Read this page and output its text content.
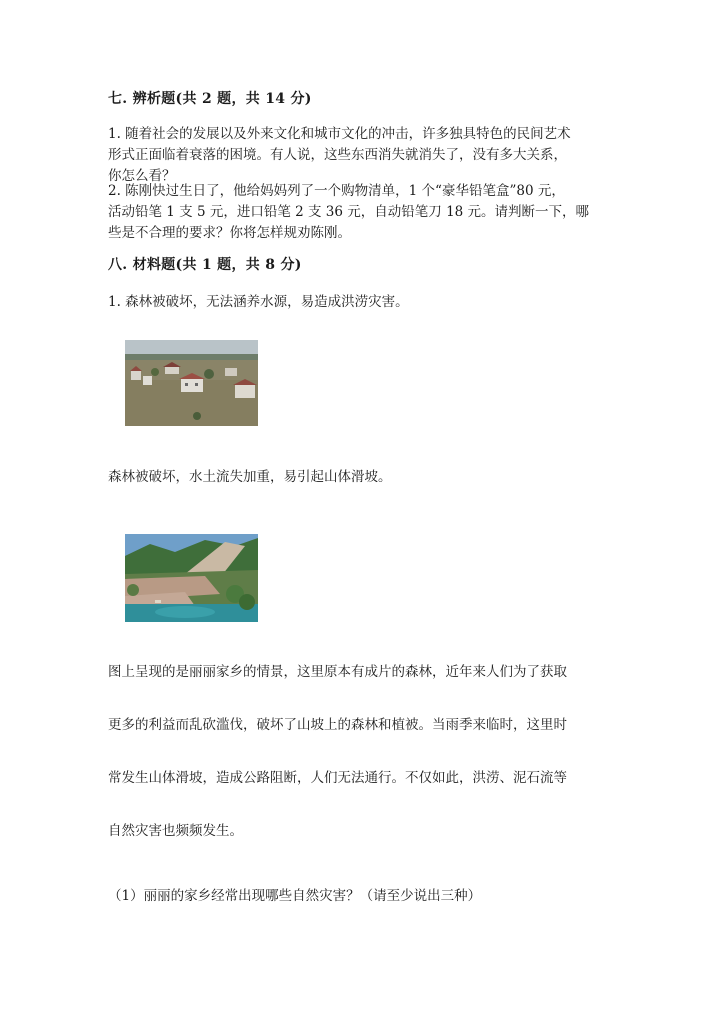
七. 辨析题(共 2 题，共 14 分)
1. 随着社会的发展以及外来文化和城市文化的冲击，许多独具特色的民间艺术
形式正面临着衰落的困境。有人说，这些东西消失就消失了，没有多大关系，
你怎么看？
2. 陈刚快过生日了，他给妈妈列了一个购物清单，1 个“豪华铅笔盒”80 元，
活动铅笔 1 支 5 元，进口铅笔 2 支 36 元，自动铅笔刀 18 元。请判断一下，哪
些是不合理的要求？你将怎样规劝陈刚。
八. 材料题(共 1 题，共 8 分)
1. 森林被破坏，无法涵养水源，易造成洪涝灾害。
森林被破坏，水土流失加重，易引起山体滑坡。
图上呈现的是丽丽家乡的情景，这里原本有成片的森林，近年来人们为了获取
更多的利益而乱砍滥伐，破坏了山坡上的森林和植被。当雨季来临时，这里时
常发生山体滑坡，造成公路阻断，人们无法通行。不仅如此，洪涝、泥石流等
自然灾害也频频发生。
（1）丽丽的家乡经常出现哪些自然灾害？（请至少说出三种）
